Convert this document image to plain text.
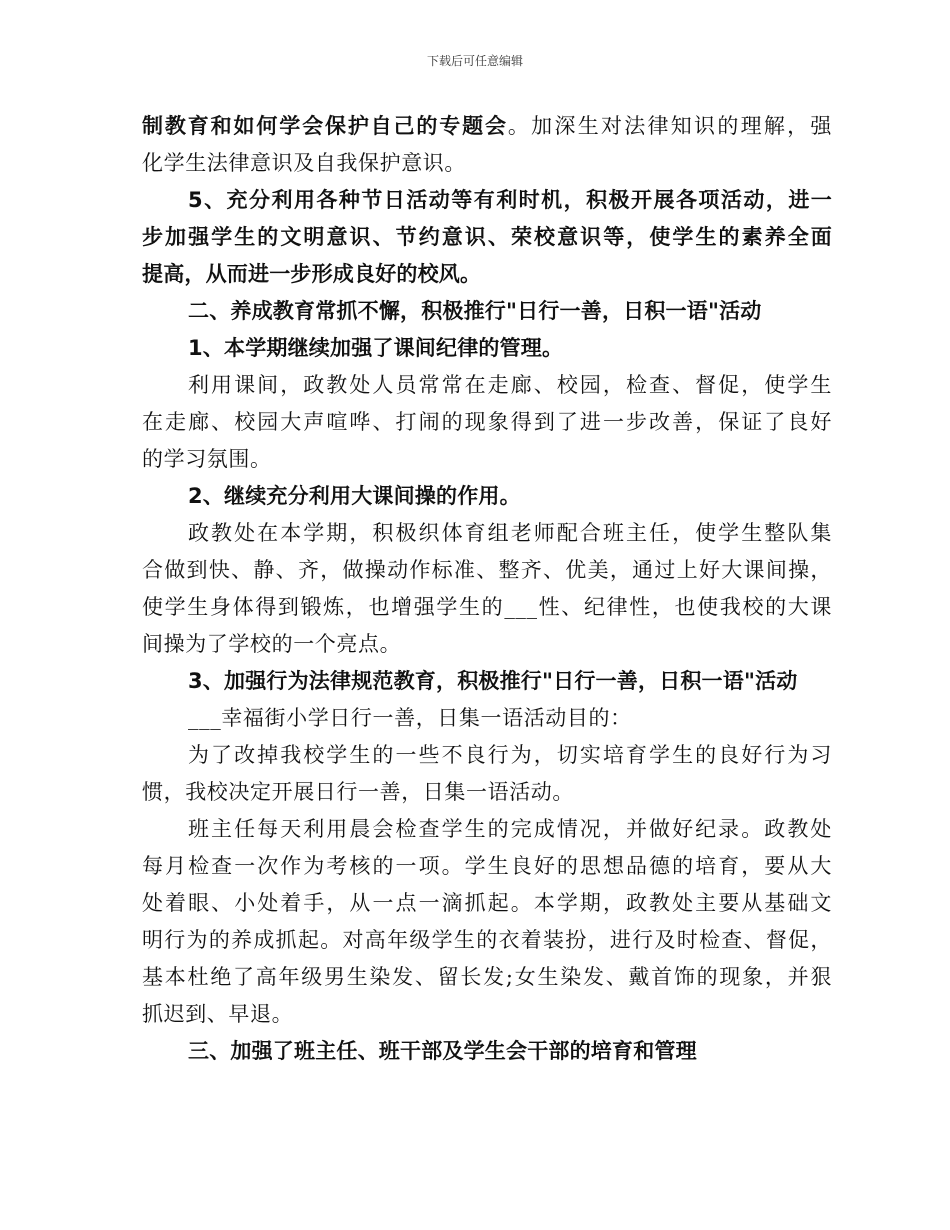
下载后可任意编辑
制教育和如何学会保护自己的专题会。加深生对法律知识的理解，强
化学生法律意识及自我保护意识。
5、充分利用各种节日活动等有利时机，积极开展各项活动，进一
步加强学生的文明意识、节约意识、荣校意识等，使学生的素养全面
提高，从而进一步形成良好的校风。
二、养成教育常抓不懈，积极推行"日行一善，日积一语"活动
1、本学期继续加强了课间纪律的管理。
利用课间，政教处人员常常在走廊、校园，检查、督促，使学生
在走廊、校园大声喧哗、打闹的现象得到了进一步改善，保证了良好
的学习氛围。
2、继续充分利用大课间操的作用。
政教处在本学期，积极织体育组老师配合班主任，使学生整队集
合做到快、静、齐，做操动作标准、整齐、优美，通过上好大课间操，
使学生身体得到锻炼，也增强学生的___性、纪律性，也使我校的大课
间操为了学校的一个亮点。
3、加强行为法律规范教育，积极推行"日行一善，日积一语"活动
___幸福街小学日行一善，日集一语活动目的：
为了改掉我校学生的一些不良行为，切实培育学生的良好行为习
惯，我校决定开展日行一善，日集一语活动。
班主任每天利用晨会检查学生的完成情况，并做好纪录。政教处
每月检查一次作为考核的一项。学生良好的思想品德的培育，要从大
处着眼、小处着手，从一点一滴抓起。本学期，政教处主要从基础文
明行为的养成抓起。对高年级学生的衣着装扮，进行及时检查、督促，
基本杜绝了高年级男生染发、留长发;女生染发、戴首饰的现象，并狠
抓迟到、早退。
三、加强了班主任、班干部及学生会干部的培育和管理
